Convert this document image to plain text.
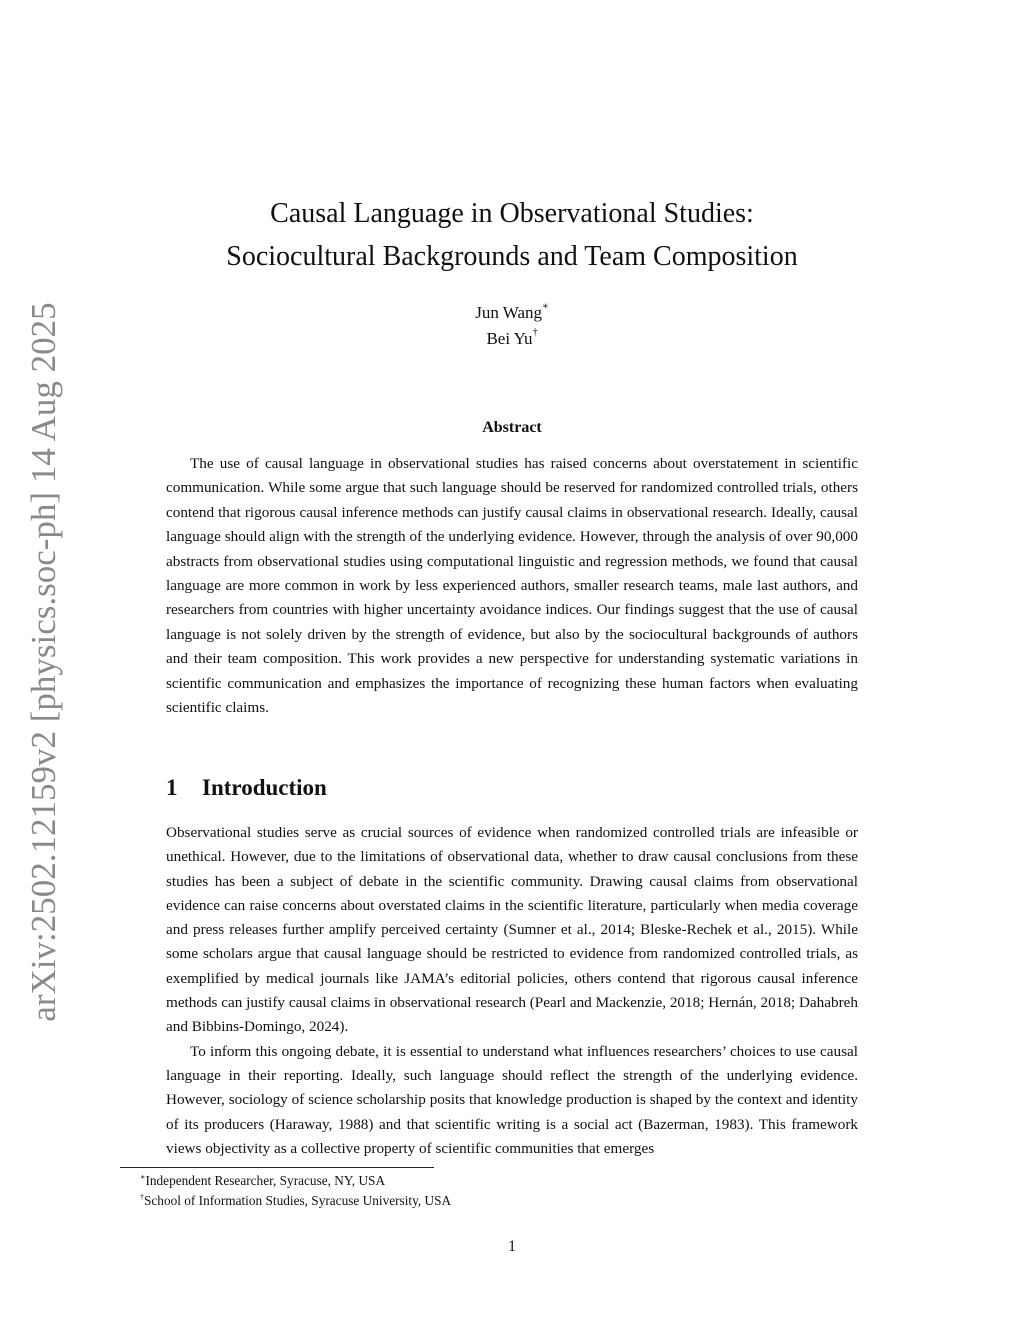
arXiv:2502.12159v2 [physics.soc-ph] 14 Aug 2025
Causal Language in Observational Studies:
Sociocultural Backgrounds and Team Composition
Jun Wang∗
Bei Yu†
Abstract

The use of causal language in observational studies has raised concerns about overstatement in scientific communication. While some argue that such language should be reserved for randomized controlled trials, others contend that rigorous causal inference methods can justify causal claims in observational research. Ideally, causal language should align with the strength of the underlying evidence. However, through the analysis of over 90,000 abstracts from observational studies using computational linguistic and regression methods, we found that causal language are more common in work by less experienced authors, smaller research teams, male last authors, and researchers from countries with higher uncertainty avoidance indices. Our findings suggest that the use of causal language is not solely driven by the strength of evidence, but also by the sociocultural backgrounds of authors and their team composition. This work provides a new perspective for understanding systematic variations in scientific communication and emphasizes the importance of recognizing these human factors when evaluating scientific claims.

1 Introduction

Observational studies serve as crucial sources of evidence when randomized controlled trials are infeasible or unethical. However, due to the limitations of observational data, whether to draw causal conclusions from these studies has been a subject of debate in the scientific community. Drawing causal claims from observational evidence can raise concerns about overstated claims in the scientific literature, particularly when media coverage and press releases further amplify perceived certainty (Sumner et al., 2014; Bleske-Rechek et al., 2015). While some scholars argue that causal language should be restricted to evidence from randomized controlled trials, as exemplified by medical journals like JAMA’s editorial policies, others contend that rigorous causal inference methods can justify causal claims in observational research (Pearl and Mackenzie, 2018; Hernán, 2018; Dahabreh and Bibbins-Domingo, 2024).

To inform this ongoing debate, it is essential to understand what influences researchers’ choices to use causal language in their reporting. Ideally, such language should reflect the strength of the underlying evidence. However, sociology of science scholarship posits that knowledge production is shaped by the context and identity of its producers (Haraway, 1988) and that scientific writing is a social act (Bazerman, 1983). This framework views objectivity as a collective property of scientific communities that emerges

∗Independent Researcher, Syracuse, NY, USA
†School of Information Studies, Syracuse University, USA
1
